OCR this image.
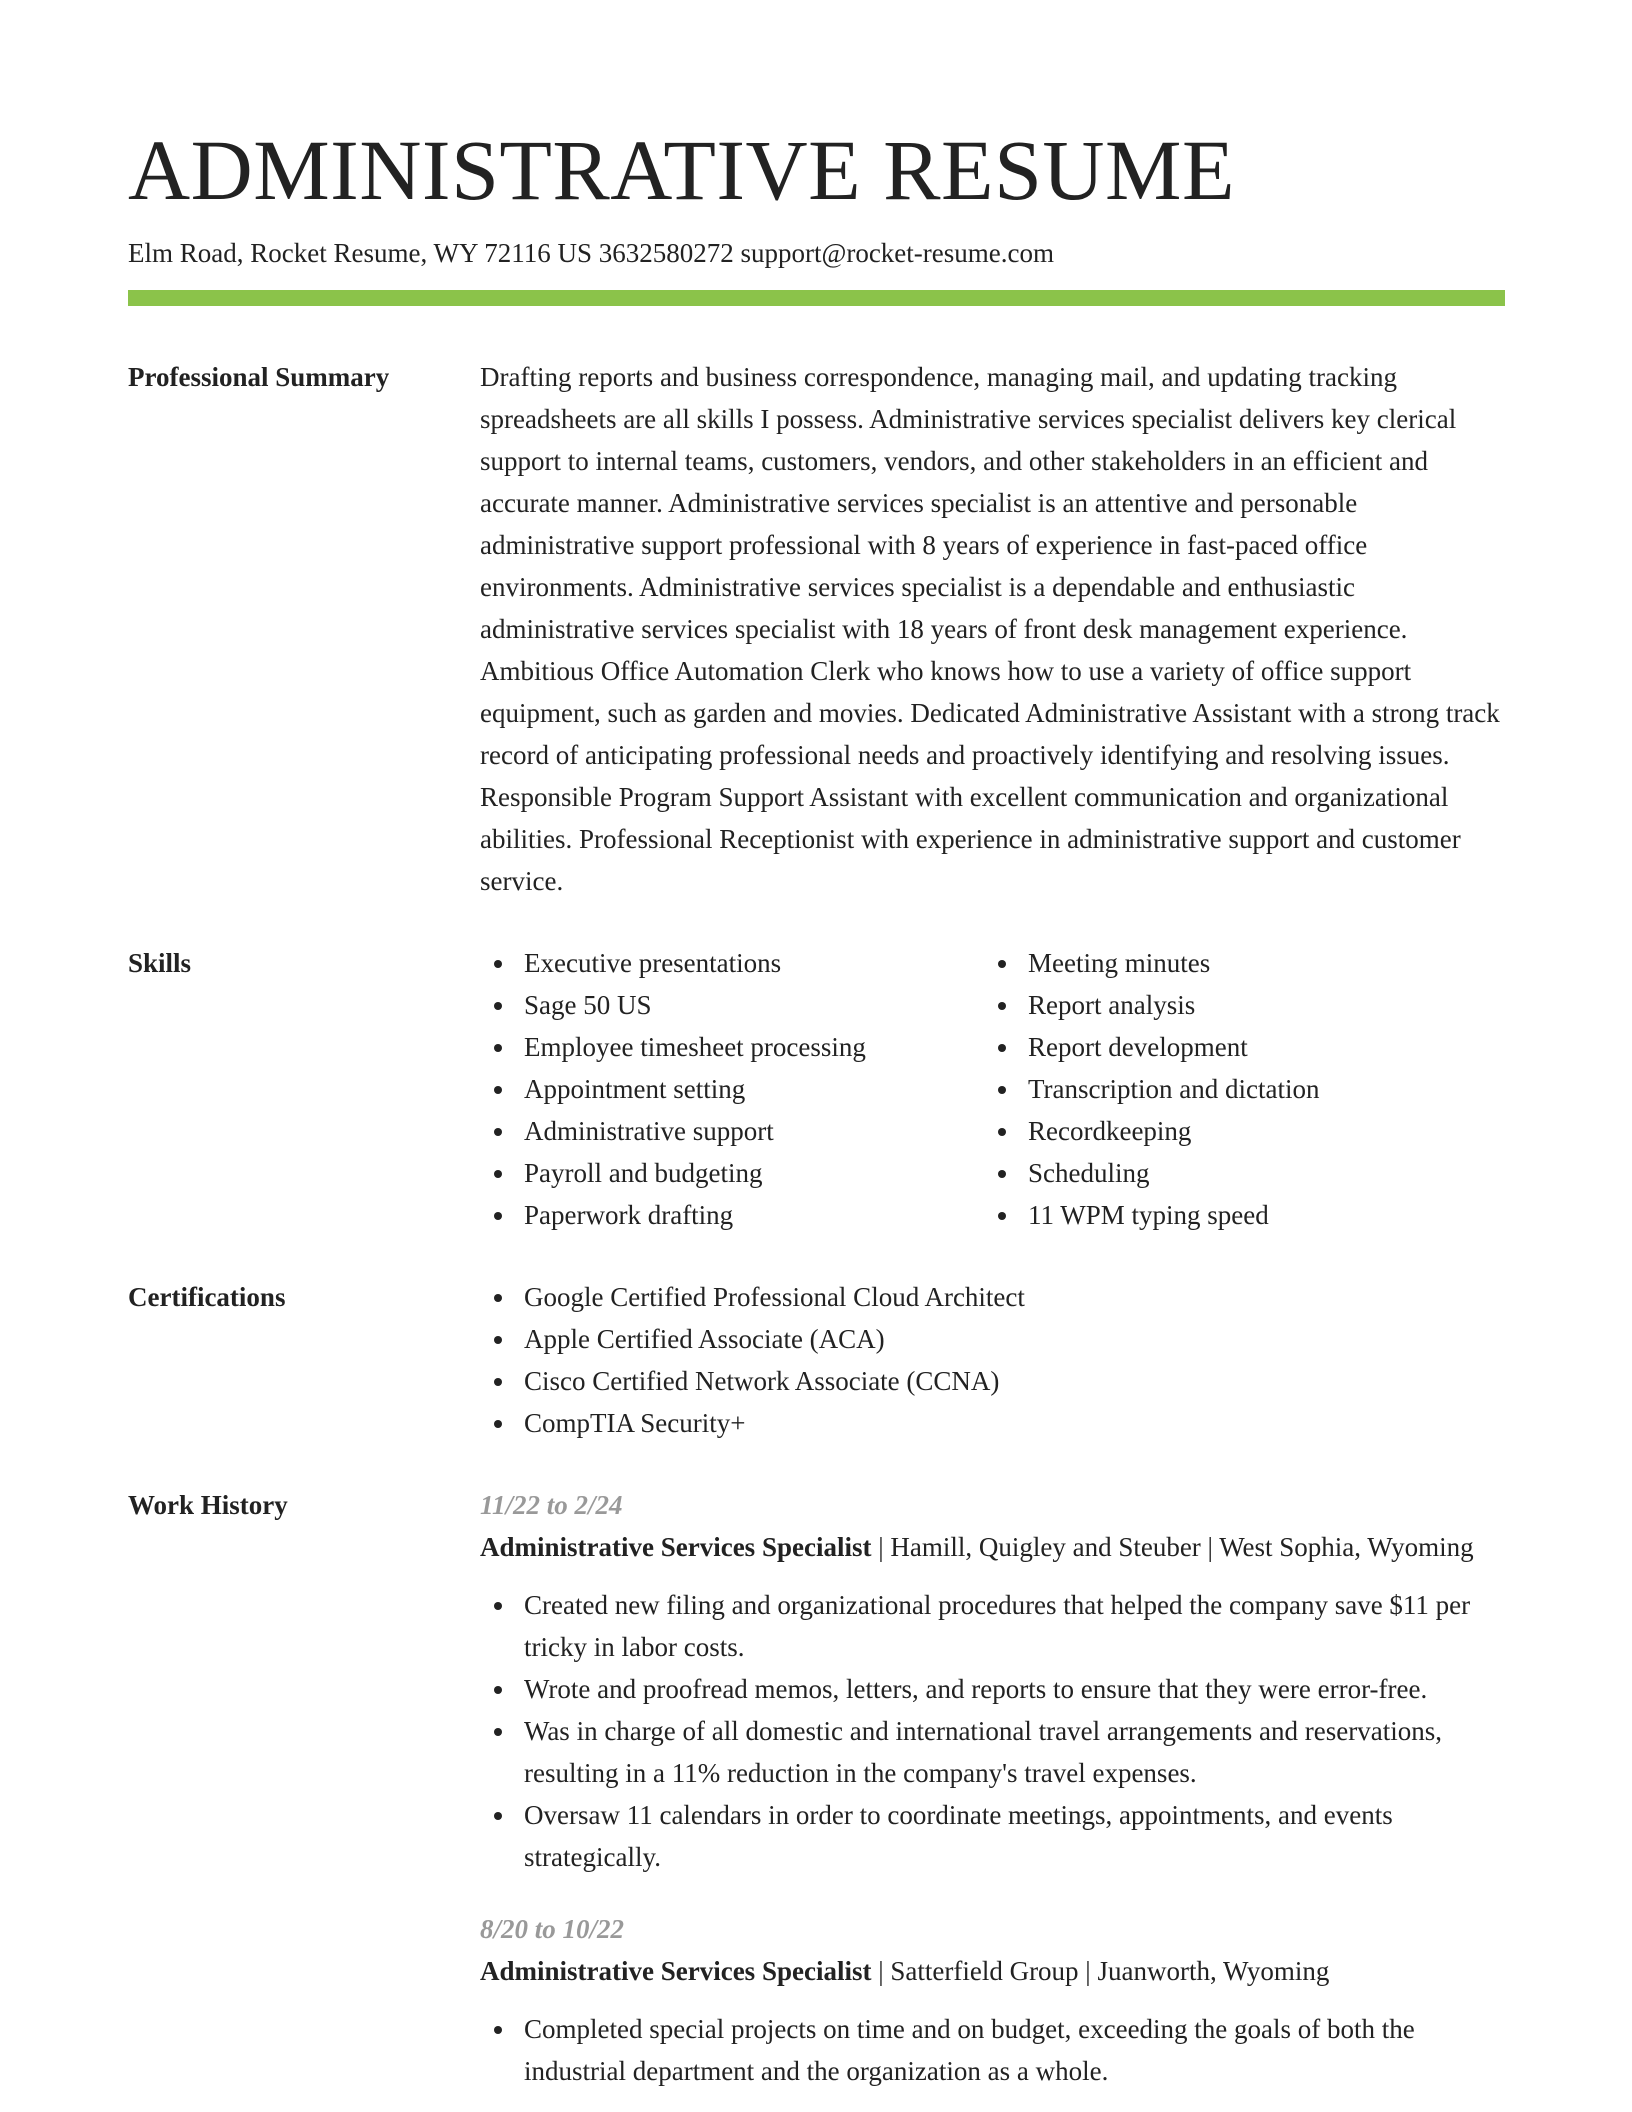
ADMINISTRATIVE RESUME
Elm Road, Rocket Resume, WY 72116 US 3632580272 support@rocket-resume.com
Professional Summary	Drafting reports and business correspondence, managing mail, and updating tracking spreadsheets are all skills I possess. Administrative services specialist delivers key clerical support to internal teams, customers, vendors, and other stakeholders in an efficient and accurate manner. Administrative services specialist is an attentive and personable administrative support professional with 8 years of experience in fast-paced office environments. Administrative services specialist is a dependable and enthusiastic administrative services specialist with 18 years of front desk management experience. Ambitious Office Automation Clerk who knows how to use a variety of office support equipment, such as garden and movies. Dedicated Administrative Assistant with a strong track record of anticipating professional needs and proactively identifying and resolving issues. Responsible Program Support Assistant with excellent communication and organizational abilities. Professional Receptionist with experience in administrative support and customer service.

Skills	Executive presentations	Meeting minutes
Sage 50 US	Report analysis
Employee timesheet processing	Report development
Appointment setting	Transcription and dictation
Administrative support	Recordkeeping
Payroll and budgeting	Scheduling
Paperwork drafting	11 WPM typing speed
Certifications	Google Certified Professional Cloud Architect
Apple Certified Associate (ACA)
Cisco Certified Network Associate (CCNA)
CompTIA Security+
Work History	11/22 to 2/24

Administrative Services Specialist | Hamill, Quigley and Steuber | West Sophia, Wyoming

Created new filing and organizational procedures that helped the company save $11 per tricky in labor costs.
Wrote and proofread memos, letters, and reports to ensure that they were error-free.
Was in charge of all domestic and international travel arrangements and reservations, resulting in a 11% reduction in the company's travel expenses.
Oversaw 11 calendars in order to coordinate meetings, appointments, and events strategically.
8/20 to 10/22

Administrative Services Specialist | Satterfield Group | Juanworth, Wyoming

Completed special projects on time and on budget, exceeding the goals of both the industrial department and the organization as a whole.
